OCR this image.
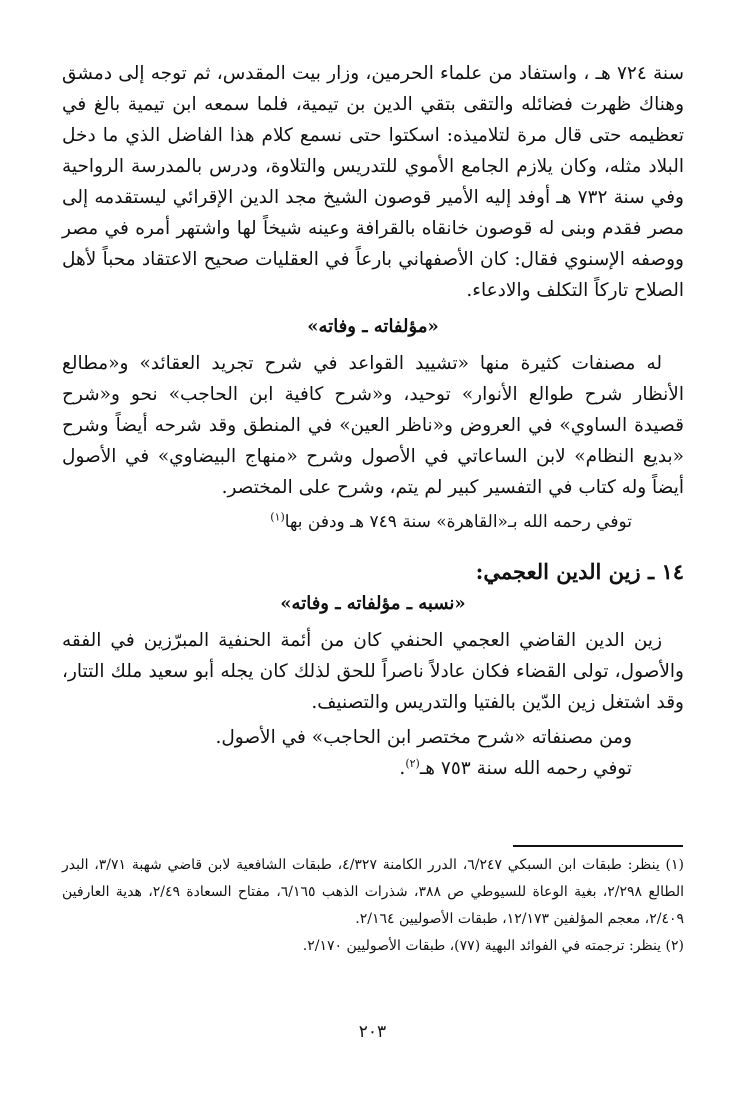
سنة ٧٢٤ هـ ، واستفاد من علماء الحرمين، وزار بيت المقدس، ثم توجه إلى دمشق وهناك ظهرت فضائله والتقى بتقي الدين بن تيمية، فلما سمعه ابن تيمية بالغ في تعظيمه حتى قال مرة لتلاميذه: اسكتوا حتى نسمع كلام هذا الفاضل الذي ما دخل البلاد مثله، وكان يلازم الجامع الأموي للتدريس والتلاوة، ودرس بالمدرسة الرواحية وفي سنة ٧٣٢ هـ أوفد إليه الأمير قوصون الشيخ مجد الدين الإقرائي ليستقدمه إلى مصر فقدم وبنى له قوصون خانقاه بالقرافة وعينه شيخاً لها واشتهر أمره في مصر ووصفه الإسنوي فقال: كان الأصفهاني بارعاً في العقليات صحيح الاعتقاد محباً لأهل الصلاح تاركاً التكلف والادعاء.

«مؤلفاته ـ وفاته»

له مصنفات كثيرة منها «تشييد القواعد في شرح تجريد العقائد» و«مطالع الأنظار شرح طوالع الأنوار» توحيد، و«شرح كافية ابن الحاجب» نحو و«شرح قصيدة الساوي» في العروض و«ناظر العين» في المنطق وقد شرحه أيضاً وشرح «بديع النظام» لابن الساعاتي في الأصول وشرح «منهاج البيضاوي» في الأصول أيضاً وله كتاب في التفسير كبير لم يتم، وشرح على المختصر.

توفي رحمه الله بـ«القاهرة» سنة ٧٤٩ هـ ودفن بها$^{(١)}$

١٤ ـ زين الدين العجمي:
«نسبه ـ مؤلفاته ـ وفاته»

زين الدين القاضي العجمي الحنفي كان من أئمة الحنفية المبرّزين في الفقه والأصول، تولى القضاء فكان عادلاً ناصراً للحق لذلك كان يجله أبو سعيد ملك التتار، وقد اشتغل زين الدّين بالفتيا والتدريس والتصنيف.

ومن مصنفاته «شرح مختصر ابن الحاجب» في الأصول.

توفي رحمه الله سنة ٧٥٣ هـ$^{(٢)}$.

(١) ينظر: طبقات ابن السبكي ٦/٢٤٧، الدرر الكامنة ٤/٣٢٧، طبقات الشافعية لابن قاضي شهبة ٣/٧١، البدر الطالع ٢/٢٩٨، بغية الوعاة للسيوطي ص ٣٨٨، شذرات الذهب ٦/١٦٥، مفتاح السعادة ٢/٤٩، هدية العارفين ٢/٤٠٩، معجم المؤلفين ١٢/١٧٣، طبقات الأصوليين ٢/١٦٤.

(٢) ينظر: ترجمته في الفوائد البهية (٧٧)، طبقات الأصوليين ٢/١٧٠.

٢٠٣
